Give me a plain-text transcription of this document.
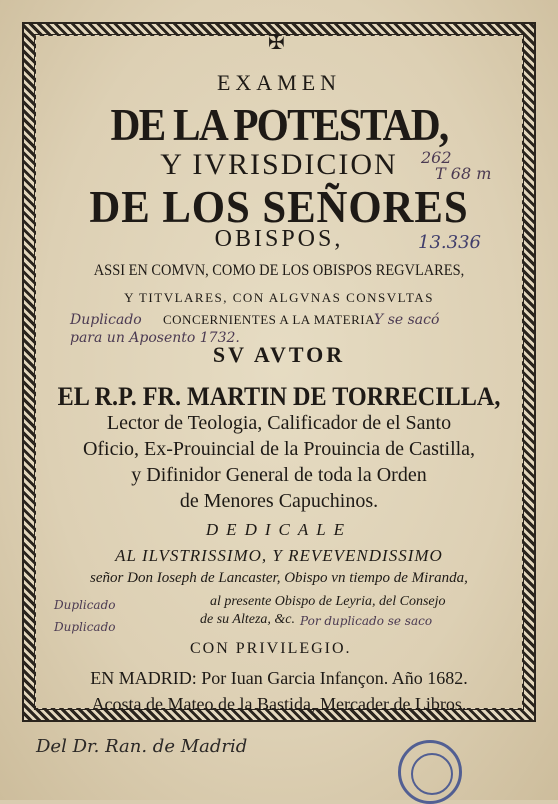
✠
EXAMEN
DE LA POTESTAD,
Y IVRISDICION
DE LOS SEÑORES
OBISPOS,
ASSI EN COMVN, COMO DE LOS OBISPOS REGVLARES,
Y TITVLARES, CON ALGVNAS CONSVLTAS
CONCERNIENTES A LA MATERIA.
SV AVTOR
EL R.P. FR. MARTIN DE TORRECILLA,
Lector de Teologia, Calificador de el Santo
Oficio, Ex-Prouincial de la Prouincia de Castilla,
y Difinidor General de toda la Orden
de Menores Capuchinos.
DEDICALE
AL ILVSTRISSIMO, Y REVEVENDISSIMO
señor Don Ioseph de Lancaster, Obispo vn tiempo de Miranda,
al presente Obispo de Leyria, del Consejo
de su Alteza, &c.
CON PRIVILEGIO.
EN MADRID: Por Iuan Garcia Infançon. Año 1682.
Acosta de Mateo de la Bastida, Mercader de Libros.
262
T 68 m
13.336
Duplicado	Y se sacó
para un Aposento 1732.
Duplicado
Duplicado	Por duplicado se saco
Del Dr. Ran. de Madrid
